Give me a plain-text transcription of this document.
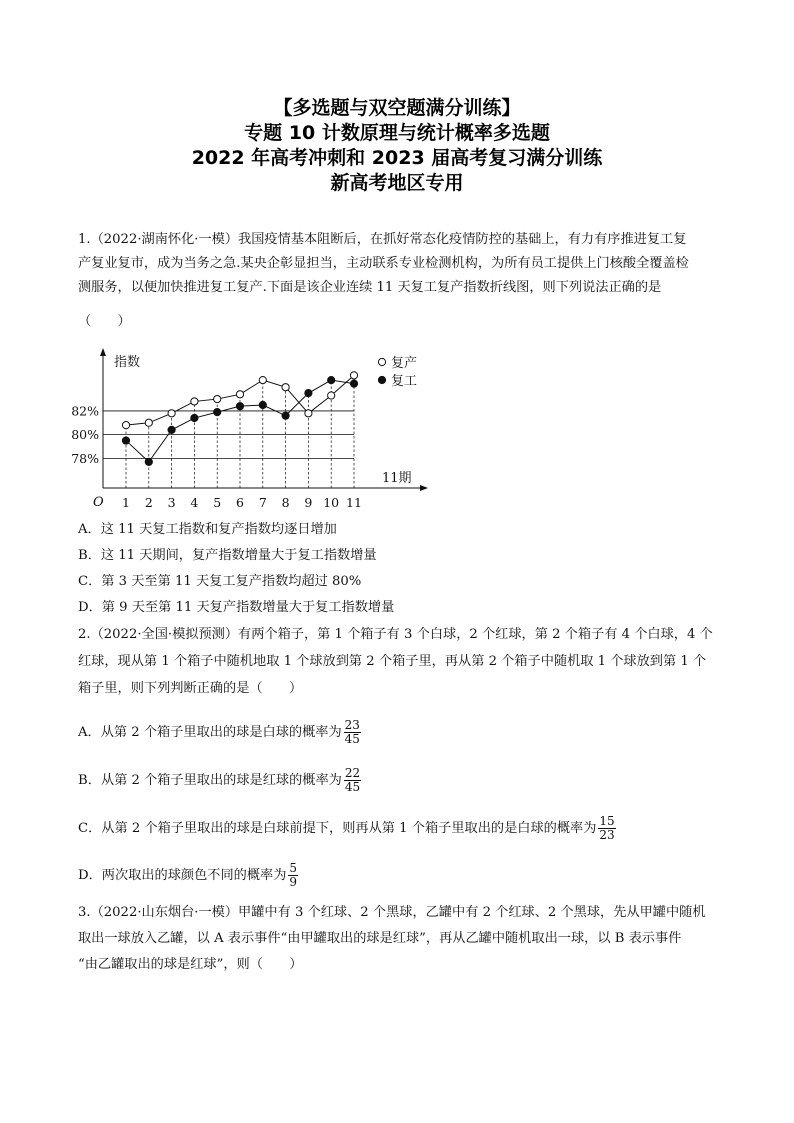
【多选题与双空题满分训练】
专题 10 计数原理与统计概率多选题
2022 年高考冲刺和 2023 届高考复习满分训练
新高考地区专用
1.（2022·湖南怀化·一模）我国疫情基本阻断后，在抓好常态化疫情防控的基础上，有力有序推进复工复
产复业复市，成为当务之急.某央企彰显担当，主动联系专业检测机构，为所有员工提供上门核酸全覆盖检
测服务，以便加快推进复工复产.下面是该企业连续 11 天复工复产指数折线图，则下列说法正确的是
（　　）
指数
11期
O
78%
80%
82%
1 2 3 4 5 6 7 8 9 10 11
复产
复工
A．这 11 天复工指数和复产指数均逐日增加
B．这 11 天期间，复产指数增量大于复工指数增量
C．第 3 天至第 11 天复工复产指数均超过 80%
D．第 9 天至第 11 天复产指数增量大于复工指数增量
2.（2022·全国·模拟预测）有两个箱子，第 1 个箱子有 3 个白球，2 个红球，第 2 个箱子有 4 个白球，4 个
红球，现从第 1 个箱子中随机地取 1 个球放到第 2 个箱子里，再从第 2 个箱子中随机取 1 个球放到第 1 个
箱子里，则下列判断正确的是（　　）
A．从第 2 个箱子里取出的球是白球的概率为 $\frac{23}{45}$
B．从第 2 个箱子里取出的球是红球的概率为 $\frac{22}{45}$
C．从第 2 个箱子里取出的球是白球前提下，则再从第 1 个箱子里取出的是白球的概率为 $\frac{15}{23}$
D．两次取出的球颜色不同的概率为 $\frac{5}{9}$
3.（2022·山东烟台·一模）甲罐中有 3 个红球、2 个黑球，乙罐中有 2 个红球、2 个黑球，先从甲罐中随机
取出一球放入乙罐，以 A 表示事件“由甲罐取出的球是红球”，再从乙罐中随机取出一球，以 B 表示事件
“由乙罐取出的球是红球”，则（　　）
